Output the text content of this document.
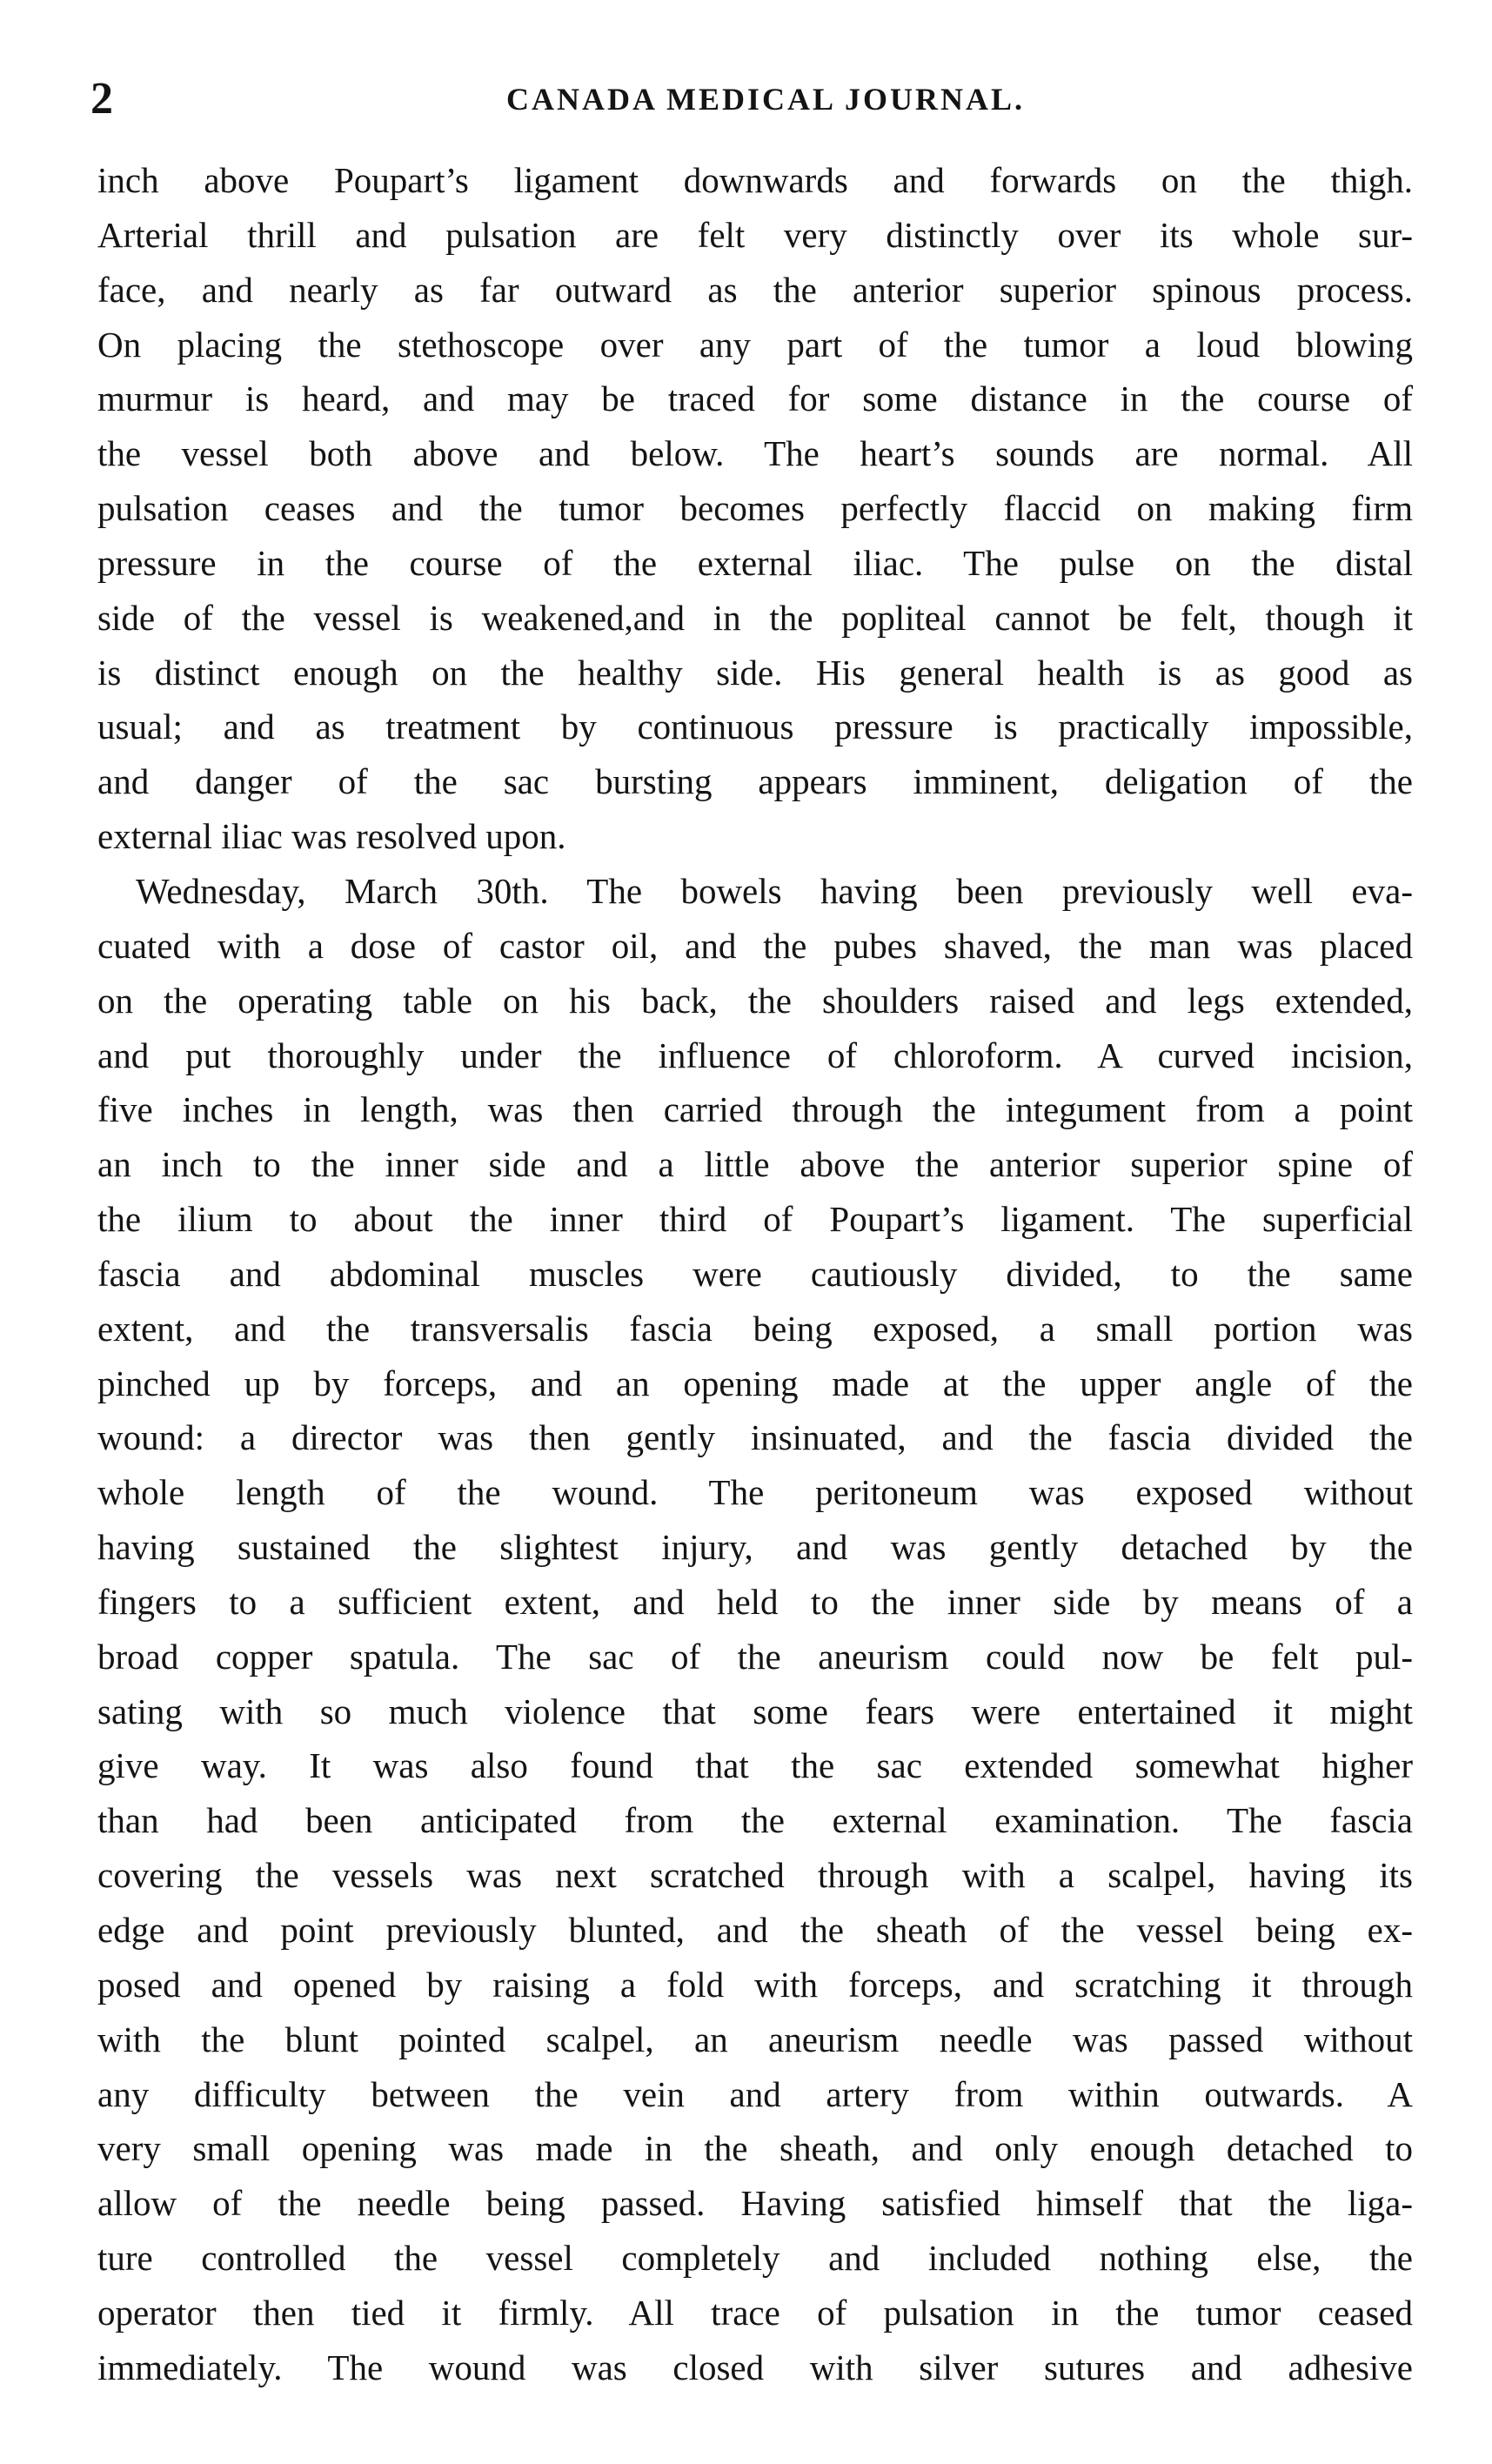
2	CANADA MEDICAL JOURNAL.
inch above Poupart’s ligament downwards and forwards on the thigh.
Arterial thrill and pulsation are felt very distinctly over its whole sur-
face, and nearly as far outward as the anterior superior spinous process.
On placing the stethoscope over any part of the tumor a loud blowing
murmur is heard, and may be traced for some distance in the course of
the vessel both above and below. The heart’s sounds are normal. All
pulsation ceases and the tumor becomes perfectly flaccid on making firm
pressure in the course of the external iliac. The pulse on the distal
side of the vessel is weakened,and in the popliteal cannot be felt, though it
is distinct enough on the healthy side. His general health is as good as
usual; and as treatment by continuous pressure is practically impossible,
and danger of the sac bursting appears imminent, deligation of the
external iliac was resolved upon.
Wednesday, March 30th. The bowels having been previously well eva-
cuated with a dose of castor oil, and the pubes shaved, the man was placed
on the operating table on his back, the shoulders raised and legs extended,
and put thoroughly under the influence of chloroform. A curved incision,
five inches in length, was then carried through the integument from a point
an inch to the inner side and a little above the anterior superior spine of
the ilium to about the inner third of Poupart’s ligament. The superficial
fascia and abdominal muscles were cautiously divided, to the same
extent, and the transversalis fascia being exposed, a small portion was
pinched up by forceps, and an opening made at the upper angle of the
wound: a director was then gently insinuated, and the fascia divided the
whole length of the wound. The peritoneum was exposed without
having sustained the slightest injury, and was gently detached by the
fingers to a sufficient extent, and held to the inner side by means of a
broad copper spatula. The sac of the aneurism could now be felt pul-
sating with so much violence that some fears were entertained it might
give way. It was also found that the sac extended somewhat higher
than had been anticipated from the external examination. The fascia
covering the vessels was next scratched through with a scalpel, having its
edge and point previously blunted, and the sheath of the vessel being ex-
posed and opened by raising a fold with forceps, and scratching it through
with the blunt pointed scalpel, an aneurism needle was passed without
any difficulty between the vein and artery from within outwards. A
very small opening was made in the sheath, and only enough detached to
allow of the needle being passed. Having satisfied himself that the liga-
ture controlled the vessel completely and included nothing else, the
operator then tied it firmly. All trace of pulsation in the tumor ceased
immediately. The wound was closed with silver sutures and adhesive
